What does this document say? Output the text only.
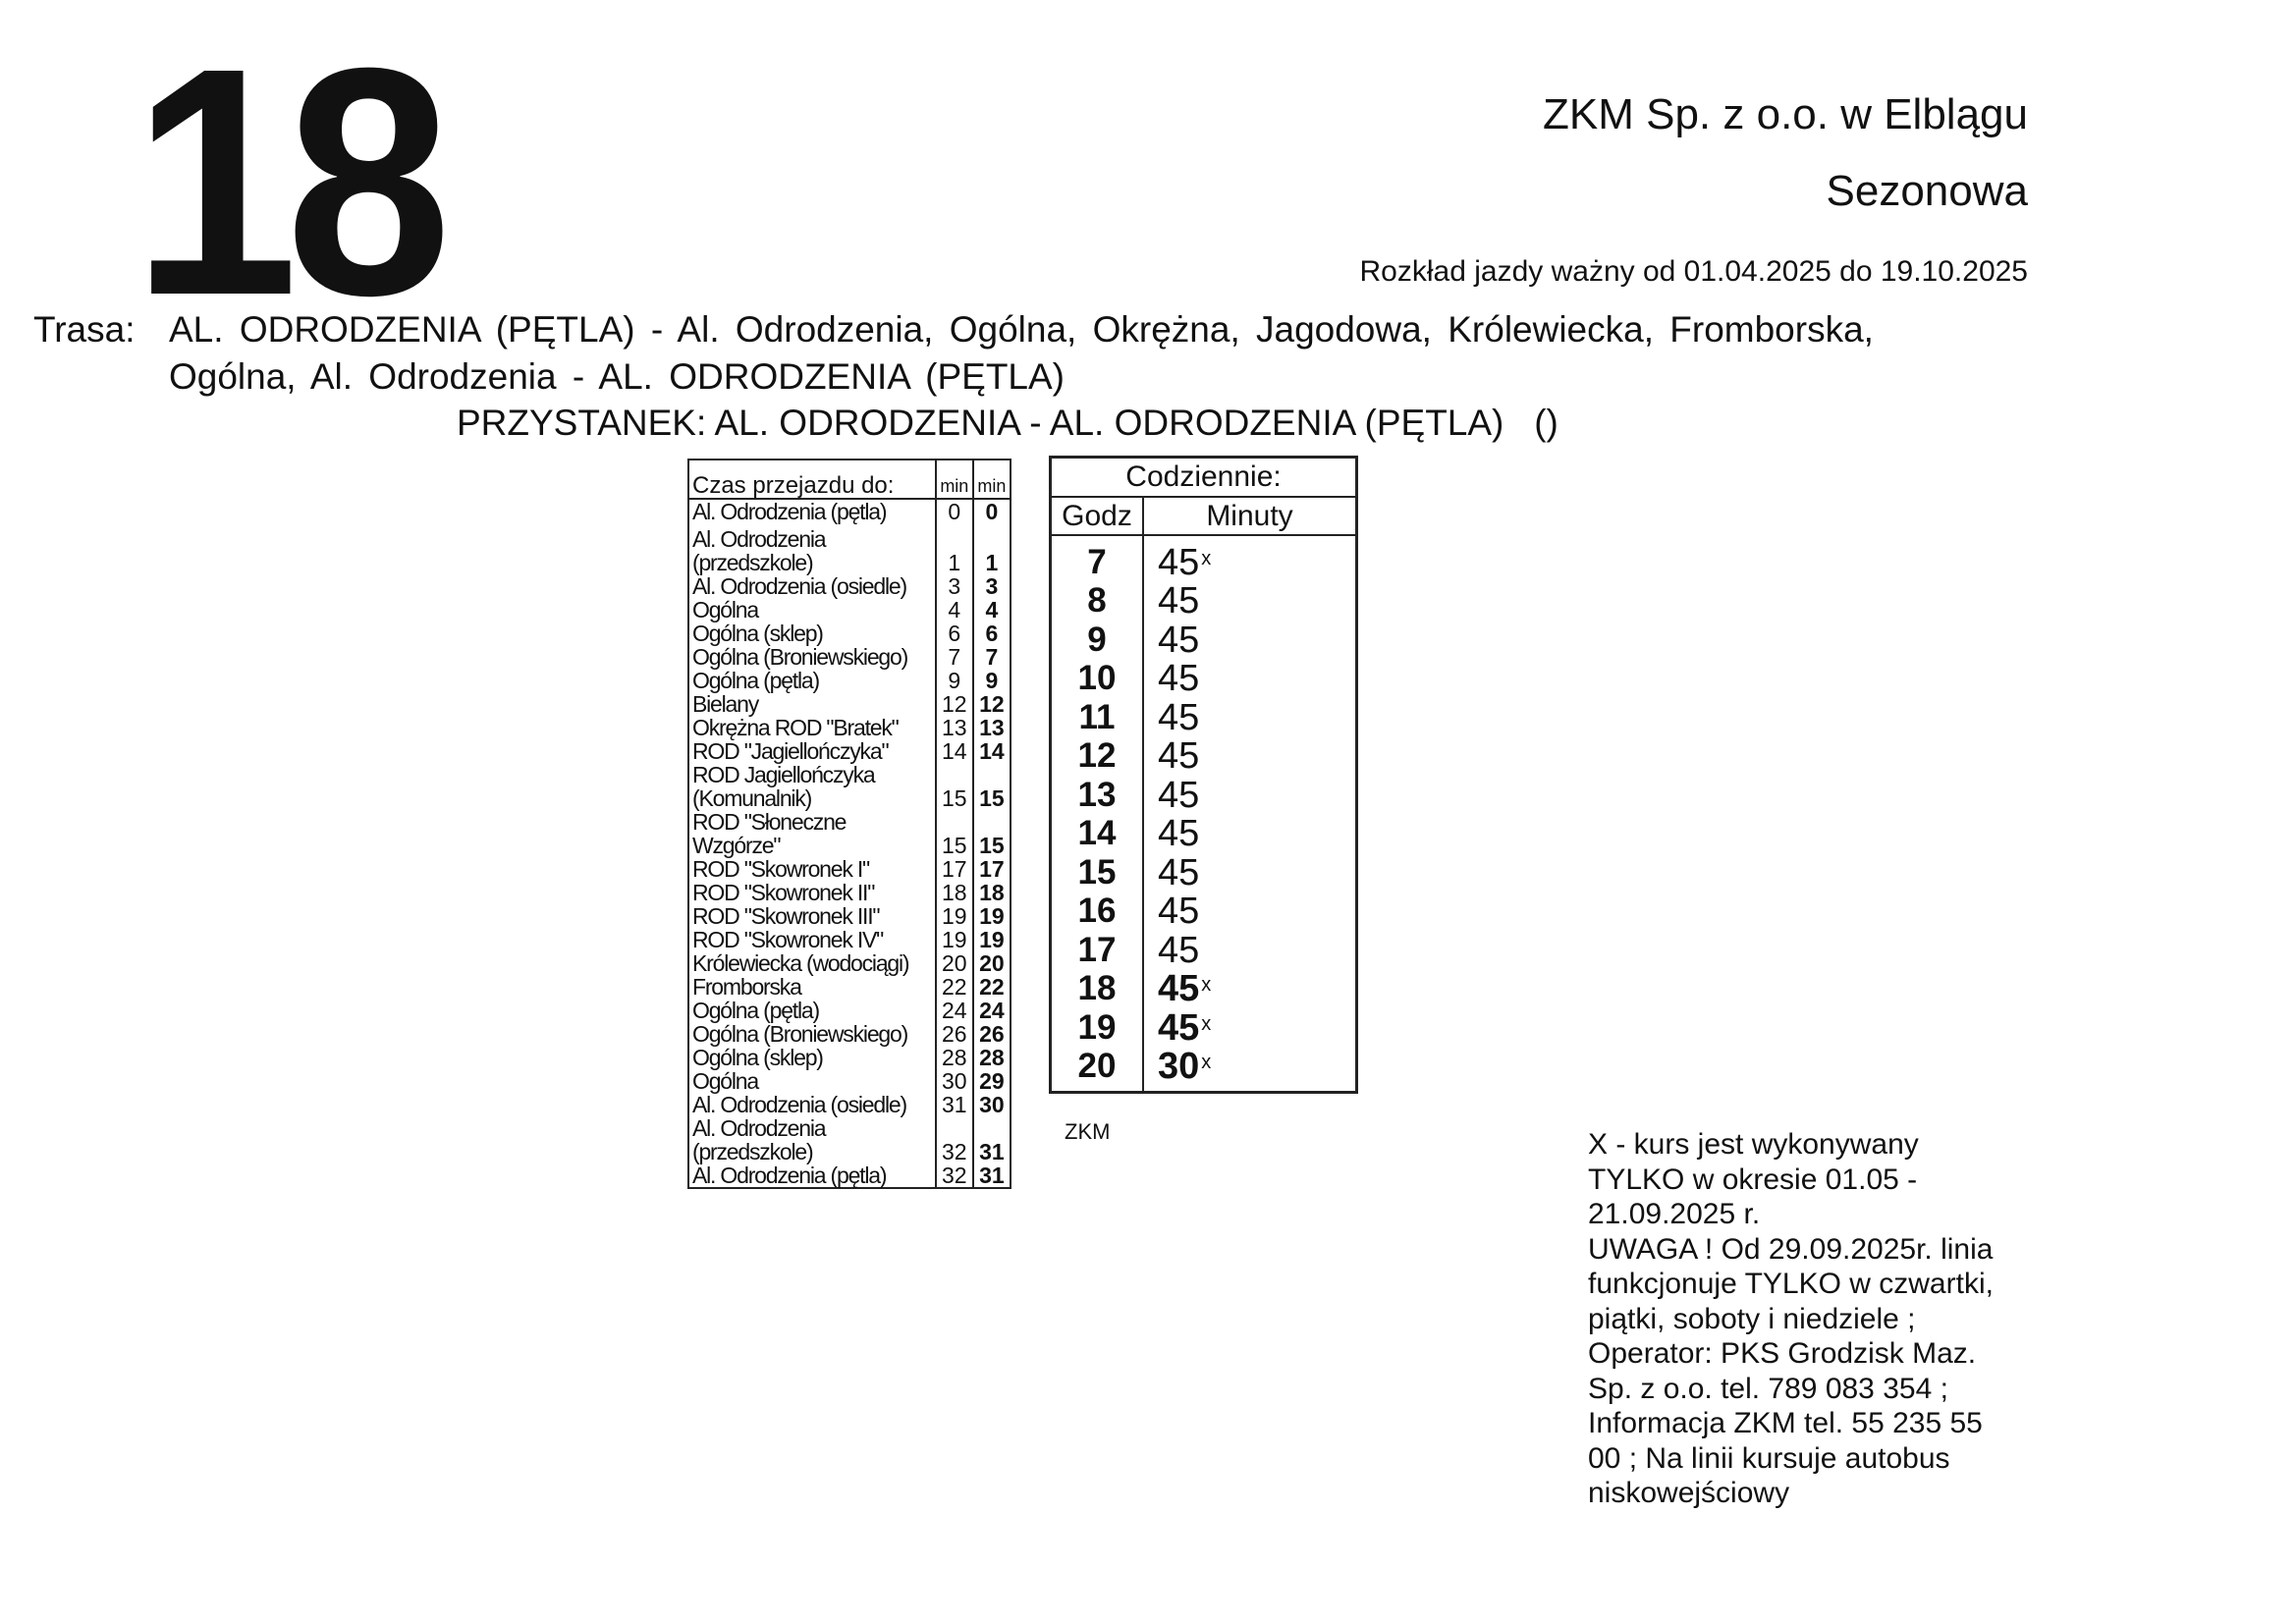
18	ZKM Sp. z o.o. w Elblągu
Sezonowa
Rozkład jazdy ważny od 01.04.2025 do 19.10.2025
Trasa: AL. ODRODZENIA (PĘTLA) - Al. Odrodzenia, Ogólna, Okrężna, Jagodowa, Królewiecka, Fromborska, Ogólna, Al. Odrodzenia - AL. ODRODZENIA (PĘTLA)
PRZYSTANEK: AL. ODRODZENIA - AL. ODRODZENIA (PĘTLA)   ()
Czas przejazdu do:	min	min
Al. Odrodzenia (pętla)	0	0
Al. Odrodzenia (przedszkole)	1	1
Al. Odrodzenia (osiedle)	3	3
Ogólna	4	4
Ogólna (sklep)	6	6
Ogólna (Broniewskiego)	7	7
Ogólna (pętla)	9	9
Bielany	12	12
Okrężna ROD "Bratek"	13	13
ROD "Jagiellończyka"	14	14
ROD Jagiellończyka (Komunalnik)	15	15
ROD "Słoneczne Wzgórze"	15	15
ROD "Skowronek I"	17	17
ROD "Skowronek II"	18	18
ROD "Skowronek III"	19	19
ROD "Skowronek IV"	19	19
Królewiecka (wodociągi)	20	20
Fromborska	22	22
Ogólna (pętla)	24	24
Ogólna (Broniewskiego)	26	26
Ogólna (sklep)	28	28
Ogólna	30	29
Al. Odrodzenia (osiedle)	31	30
Al. Odrodzenia (przedszkole)	32	31
Al. Odrodzenia (pętla)	32	31
Codziennie:
Godz	Minuty
7	45 $^x$
8	45
9	45
10	45
11	45
12	45
13	45
14	45
15	45
16	45
17	45
18	45 $^x$
19	45 $^x$
20	30 $^x$
ZKM	X - kurs jest wykonywany TYLKO w okresie 01.05 - 21.09.2025 r.
UWAGA ! Od 29.09.2025r. linia funkcjonuje TYLKO w czwartki, piątki, soboty i niedziele ; Operator: PKS Grodzisk Maz. Sp. z o.o. tel. 789 083 354 ; Informacja ZKM tel. 55 235 55 00 ; Na linii kursuje autobus niskowejściowy
